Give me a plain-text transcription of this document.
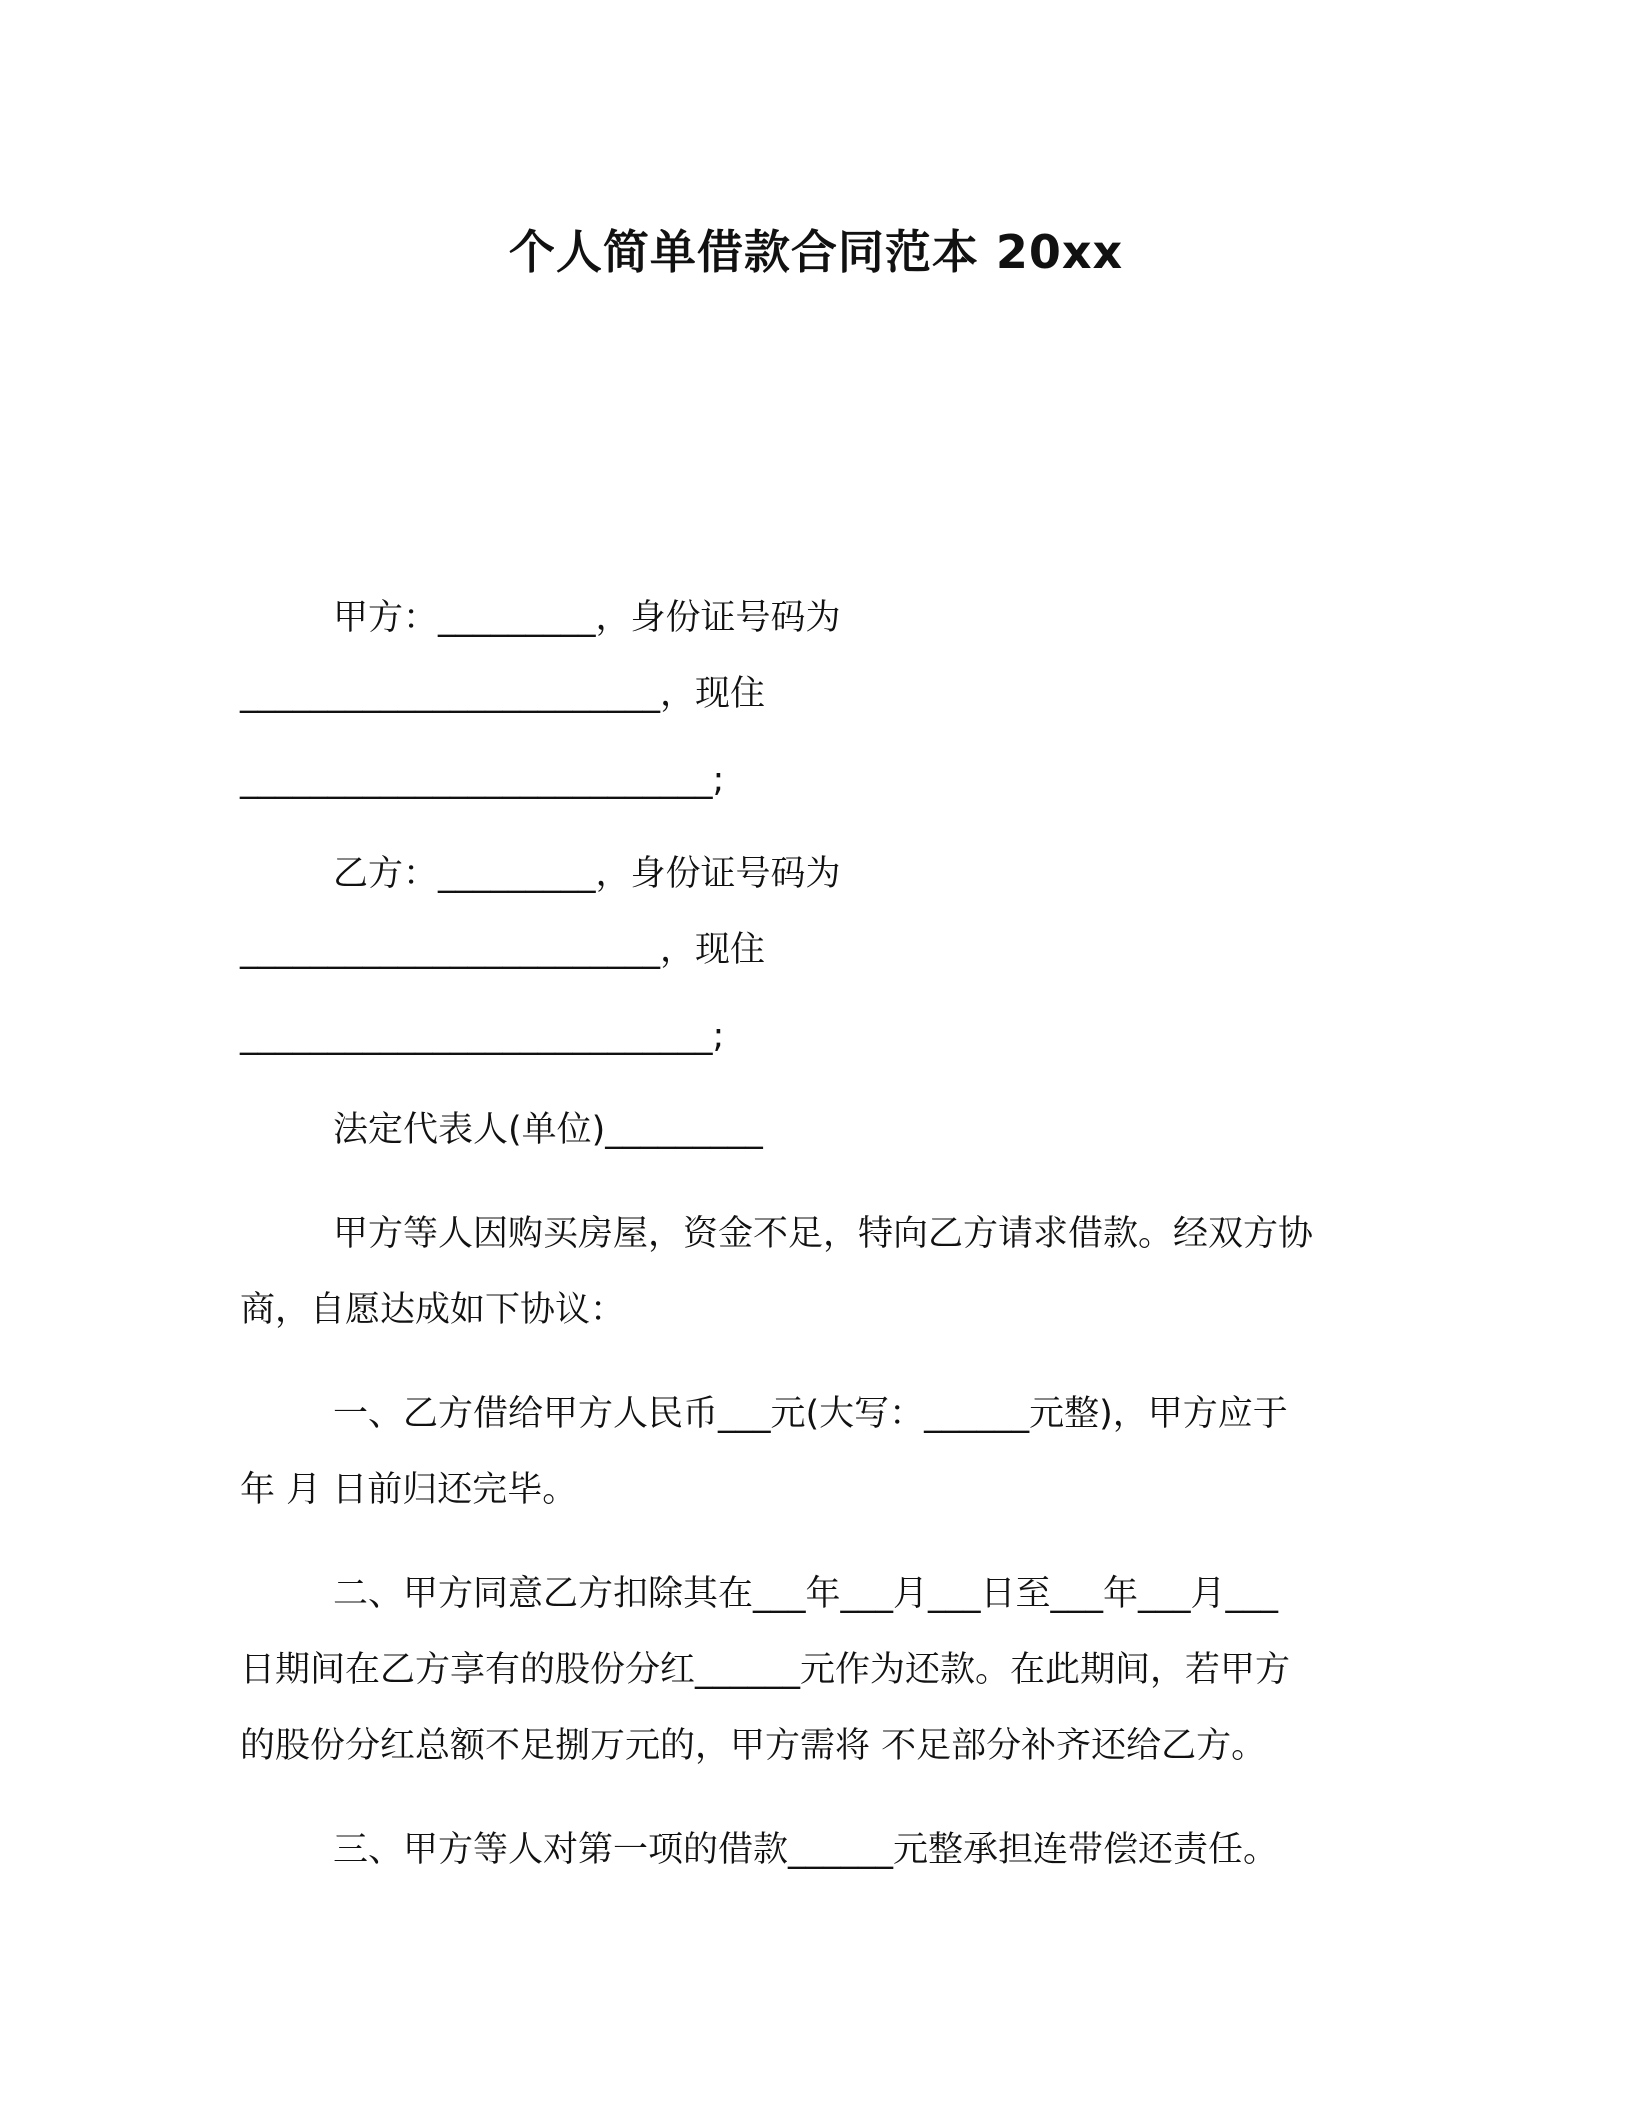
个人简单借款合同范本 20xx
甲方：_________，身份证号码为
________________________，现住
___________________________;
乙方：_________，身份证号码为
________________________，现住
___________________________;
法定代表人(单位)_________
甲方等人因购买房屋，资金不足，特向乙方请求借款。经双方协
商，自愿达成如下协议：
一、乙方借给甲方人民币___元(大写：______元整)，甲方应于
年 月 日前归还完毕。
二、甲方同意乙方扣除其在___年___月___日至___年___月___
日期间在乙方享有的股份分红______元作为还款。在此期间，若甲方
的股份分红总额不足捌万元的，甲方需将 不足部分补齐还给乙方。
三、甲方等人对第一项的借款______元整承担连带偿还责任。
